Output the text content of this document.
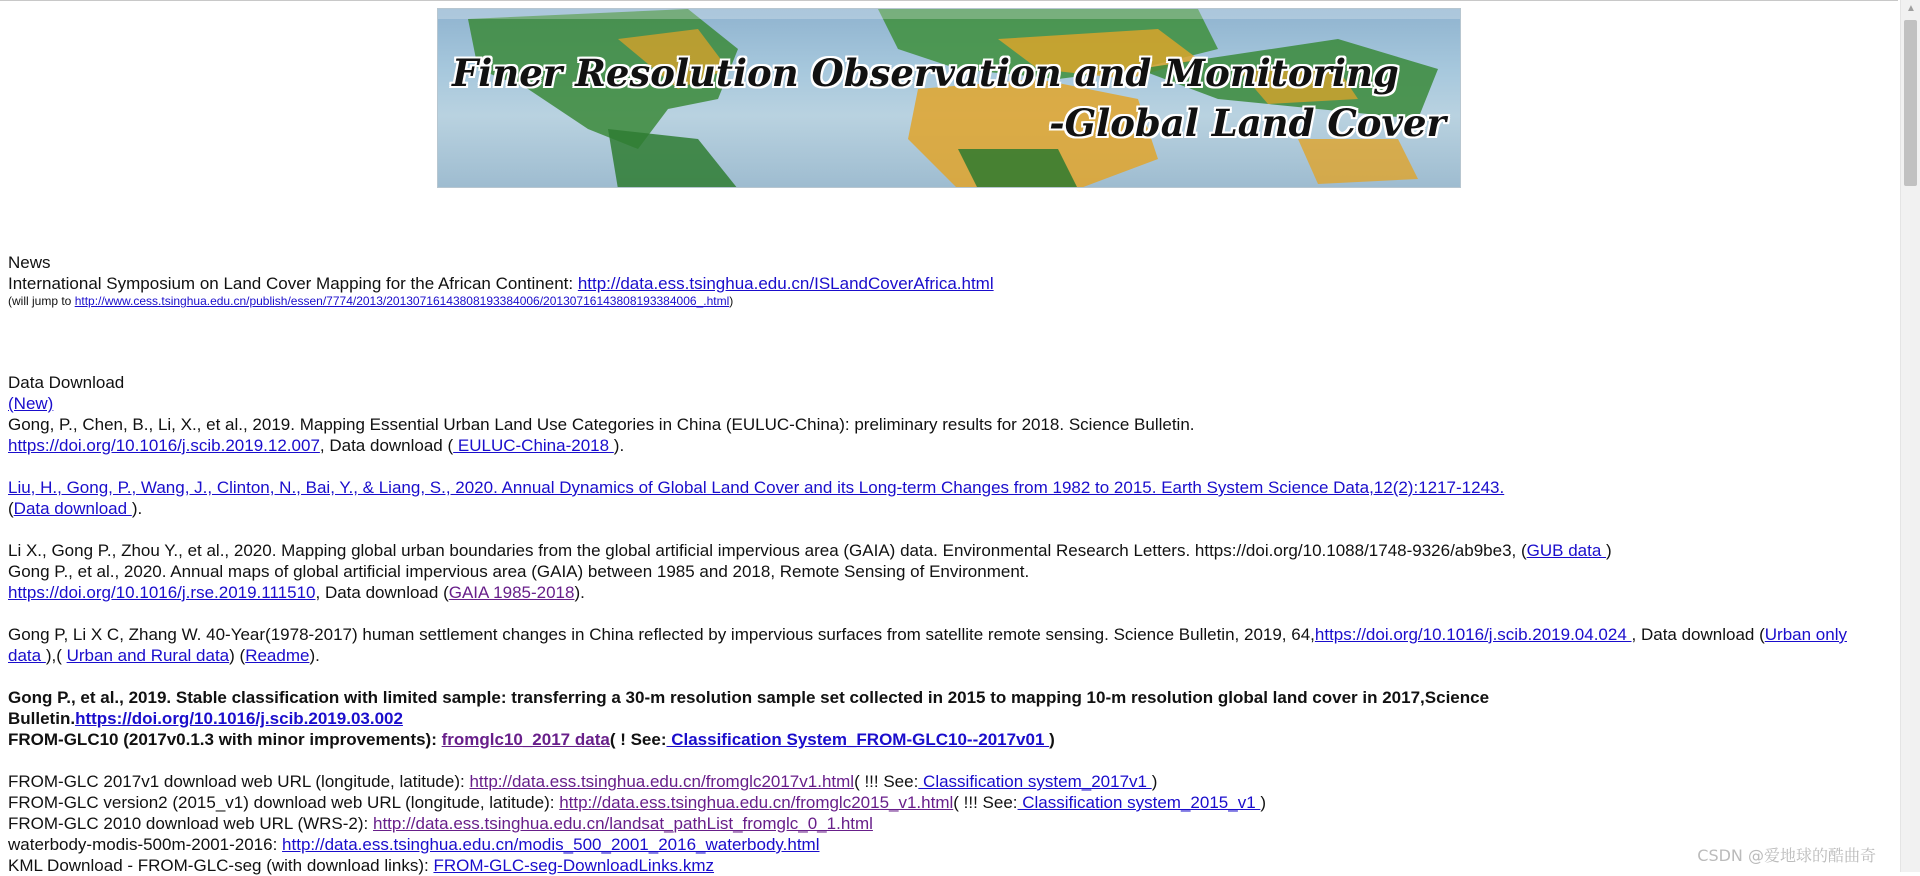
Finer Resolution Observation and Monitoring
-Global Land Cover
News
International Symposium on Land Cover Mapping for the African Continent: http://data.ess.tsinghua.edu.cn/ISLandCoverAfrica.html
(will jump to http://www.cess.tsinghua.edu.cn/publish/essen/7774/2013/20130716143808193384006/20130716143808193384006_.html)
Data Download
(New)
Gong, P., Chen, B., Li, X., et al., 2019. Mapping Essential Urban Land Use Categories in China (EULUC-China): preliminary results for 2018. Science Bulletin.
https://doi.org/10.1016/j.scib.2019.12.007, Data download ( EULUC-China-2018 ).
Liu, H., Gong, P., Wang, J., Clinton, N., Bai, Y., & Liang, S., 2020. Annual Dynamics of Global Land Cover and its Long-term Changes from 1982 to 2015. Earth System Science Data,12(2):1217-1243.
(Data download ).
Li X., Gong P., Zhou Y., et al., 2020. Mapping global urban boundaries from the global artificial impervious area (GAIA) data. Environmental Research Letters. https://doi.org/10.1088/1748-9326/ab9be3, (GUB data )
Gong P., et al., 2020. Annual maps of global artificial impervious area (GAIA) between 1985 and 2018, Remote Sensing of Environment.
https://doi.org/10.1016/j.rse.2019.111510, Data download (GAIA 1985-2018).
Gong P, Li X C, Zhang W. 40-Year(1978-2017) human settlement changes in China reflected by impervious surfaces from satellite remote sensing. Science Bulletin, 2019, 64,https://doi.org/10.1016/j.scib.2019.04.024 , Data download (Urban only data ),( Urban and Rural data) (Readme).
Gong P., et al., 2019. Stable classification with limited sample: transferring a 30-m resolution sample set collected in 2015 to mapping 10-m resolution global land cover in 2017,Science Bulletin.https://doi.org/10.1016/j.scib.2019.03.002
FROM-GLC10 (2017v0.1.3 with minor improvements): fromglc10_2017 data( ! See: Classification System_FROM-GLC10--2017v01 )
FROM-GLC 2017v1 download web URL (longitude, latitude): http://data.ess.tsinghua.edu.cn/fromglc2017v1.html( !!! See: Classification system_2017v1 )
FROM-GLC version2 (2015_v1) download web URL (longitude, latitude): http://data.ess.tsinghua.edu.cn/fromglc2015_v1.html( !!! See: Classification system_2015_v1 )
FROM-GLC 2010 download web URL (WRS-2): http://data.ess.tsinghua.edu.cn/landsat_pathList_fromglc_0_1.html
waterbody-modis-500m-2001-2016: http://data.ess.tsinghua.edu.cn/modis_500_2001_2016_waterbody.html
KML Download - FROM-GLC-seg (with download links): FROM-GLC-seg-DownloadLinks.kmz
▲
CSDN @爱地球的酷曲奇
